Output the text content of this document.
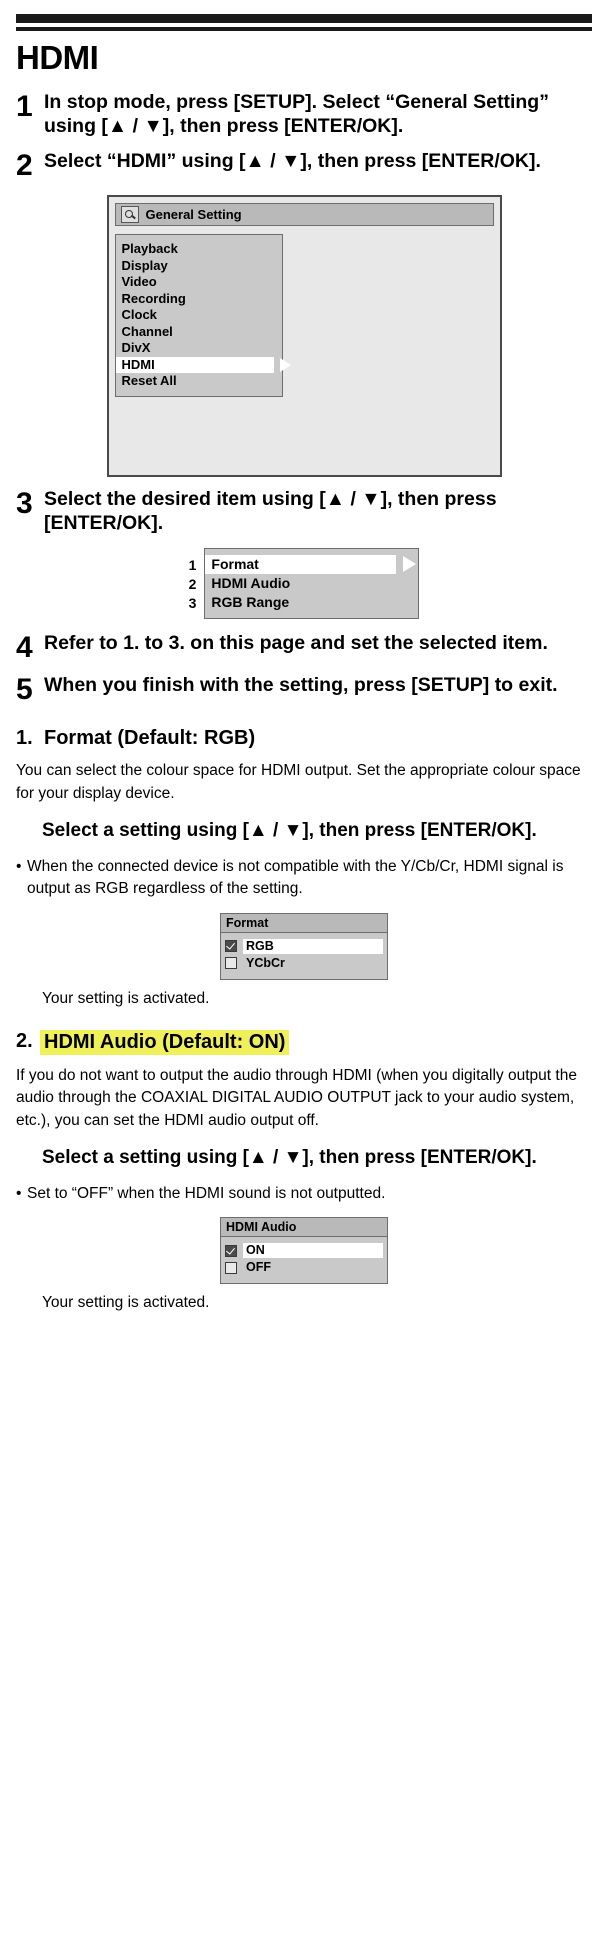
HDMI
1 In stop mode, press [SETUP]. Select “General Setting” using [▲ / ▼], then press [ENTER/OK].
2 Select “HDMI” using [▲ / ▼], then press [ENTER/OK].
General Setting
Playback
Display
Video
Recording
Clock
Channel
DivX
HDMI
Reset All
3 Select the desired item using [▲ / ▼], then press [ENTER/OK].
1
2
3
Format
HDMI Audio
RGB Range
4 Refer to 1. to 3. on this page and set the selected item.
5 When you finish with the setting, press [SETUP] to exit.
1. Format (Default: RGB)

You can select the colour space for HDMI output. Set the appropriate colour space for your display device.

Select a setting using [▲ / ▼], then press [ENTER/OK].
• When the connected device is not compatible with the Y/Cb/Cr, HDMI signal is output as RGB regardless of the setting.
Format
RGB
YCbCr
Your setting is activated.
2. HDMI Audio (Default: ON)

If you do not want to output the audio through HDMI (when you digitally output the audio through the COAXIAL DIGITAL AUDIO OUTPUT jack to your audio system, etc.), you can set the HDMI audio output off.

Select a setting using [▲ / ▼], then press [ENTER/OK].
• Set to “OFF” when the HDMI sound is not outputted.
HDMI Audio
ON
OFF
Your setting is activated.
